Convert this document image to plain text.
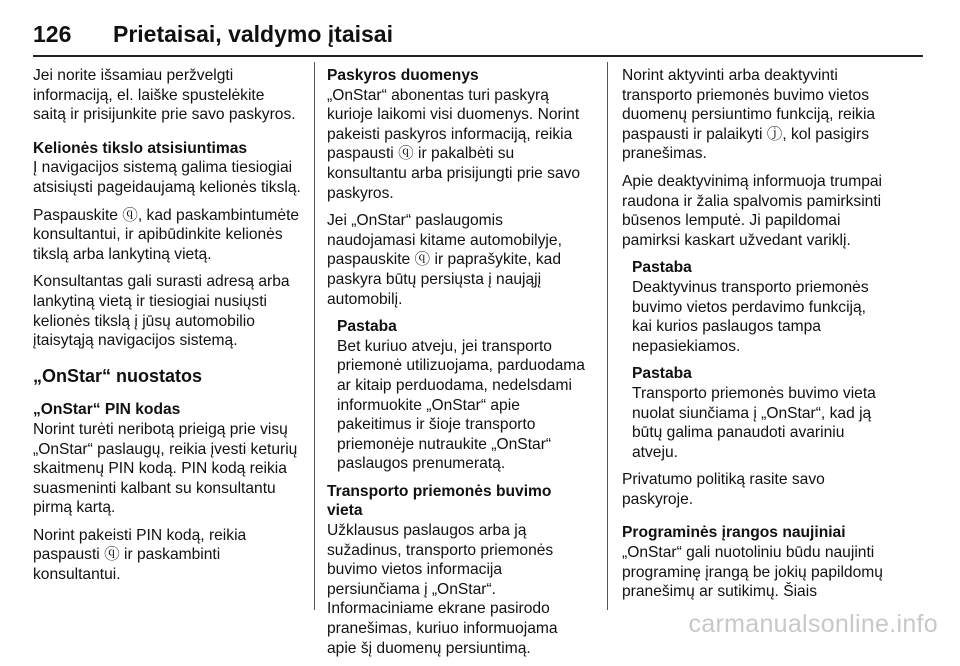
126 Prietaisai, valdymo įtaisai

Jei norite išsamiau peržvelgti informaciją, el. laiške spustelėkite saitą ir prisijunkite prie savo paskyros.

Kelionės tikslo atsisiuntimas

Į navigacijos sistemą galima tiesiogiai atsisiųsti pageidaujamą kelionės tikslą.

Paspauskite ⓠ, kad paskambintumėte konsultantui, ir apibūdinkite kelionės tikslą arba lankytiną vietą.

Konsultantas gali surasti adresą arba lankytiną vietą ir tiesiogiai nusiųsti kelionės tikslą į jūsų automobilio įtaisytąją navigacijos sistemą.

„OnStar“ nuostatos
„OnStar“ PIN kodas

Norint turėti neribotą prieigą prie visų „OnStar“ paslaugų, reikia įvesti keturių skaitmenų PIN kodą. PIN kodą reikia suasmeninti kalbant su konsultantu pirmą kartą.

Norint pakeisti PIN kodą, reikia paspausti ⓠ ir paskambinti konsultantui.

Paskyros duomenys

„OnStar“ abonentas turi paskyrą kurioje laikomi visi duomenys. Norint pakeisti paskyros informaciją, reikia paspausti ⓠ ir pakalbėti su konsultantu arba prisijungti prie savo paskyros.

Jei „OnStar“ paslaugomis naudojamasi kitame automobilyje, paspauskite ⓠ ir paprašykite, kad paskyra būtų persiųsta į naująjį automobilį.

Pastaba
Bet kuriuo atveju, jei transporto priemonė utilizuojama, parduodama ar kitaip perduodama, nedelsdami informuokite „OnStar“ apie pakeitimus ir šioje transporto priemonėje nutraukite „OnStar“ paslaugos prenumeratą.
Transporto priemonės buvimo vieta

Užklausus paslaugos arba ją sužadinus, transporto priemonės buvimo vietos informacija persiunčiama į „OnStar“. Informaciniame ekrane pasirodo pranešimas, kuriuo informuojama apie šį duomenų persiuntimą.

Norint aktyvinti arba deaktyvinti transporto priemonės buvimo vietos duomenų persiuntimo funkciją, reikia paspausti ir palaikyti ⓙ, kol pasigirs pranešimas.

Apie deaktyvinimą informuoja trumpai raudona ir žalia spalvomis pamirksinti būsenos lemputė. Ji papildomai pamirksi kaskart užvedant variklį.

Pastaba
Deaktyvinus transporto priemonės buvimo vietos perdavimo funkciją, kai kurios paslaugos tampa nepasiekiamos.
Pastaba
Transporto priemonės buvimo vieta nuolat siunčiama į „OnStar“, kad ją būtų galima panaudoti avariniu atveju.

Privatumo politiką rasite savo paskyroje.

Programinės įrangos naujiniai

„OnStar“ gali nuotoliniu būdu naujinti programinę įrangą be jokių papildomų pranešimų ar sutikimų. Šiais

carmanualsonline.info
